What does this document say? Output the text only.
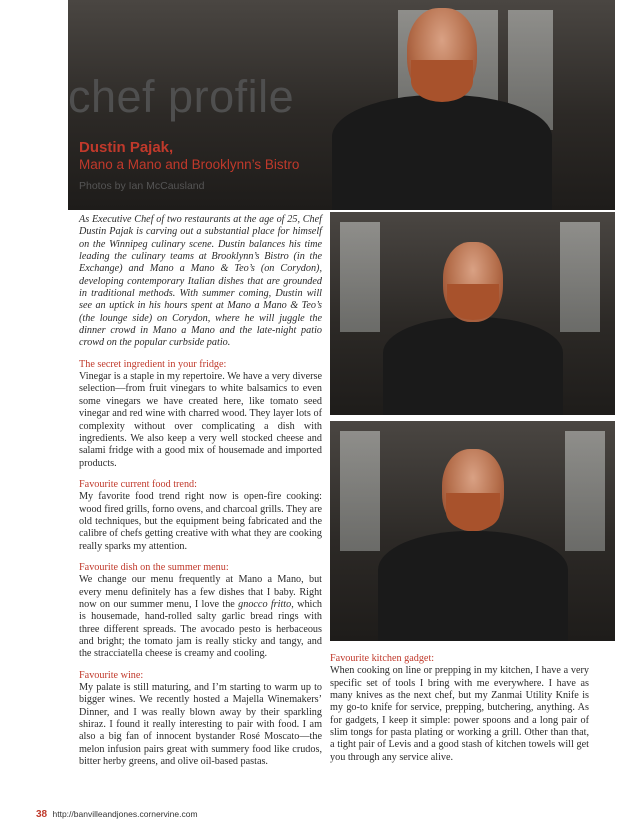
chef profile
Dustin Pajak,
Mano a Mano and Brooklynn’s Bistro
Photos by Ian McCausland

As Executive Chef of two restaurants at the age of 25, Chef Dustin Pajak is carving out a substantial place for himself on the Winnipeg culinary scene. Dustin balances his time leading the culinary teams at Brooklynn’s Bistro (in the Exchange) and Mano a Mano & Teo’s (on Corydon), developing contemporary Italian dishes that are grounded in traditional methods. With summer coming, Dustin will see an uptick in his hours spent at Mano a Mano & Teo’s (the lounge side) on Corydon, where he will juggle the dinner crowd in Mano a Mano and the late-night patio crowd on the popular curbside patio.

The secret ingredient in your fridge:

Vinegar is a staple in my repertoire. We have a very diverse selection—from fruit vinegars to white balsamics to even some vinegars we have created here, like tomato seed vinegar and red wine with charred wood. They layer lots of complexity without over complicating a dish with ingredients. We also keep a very well stocked cheese and salami fridge with a good mix of housemade and imported products.

Favourite current food trend:

My favorite food trend right now is open-fire cooking: wood fired grills, forno ovens, and charcoal grills. They are old techniques, but the equipment being fabricated and the calibre of chefs getting creative with what they are cooking really sparks my attention.

Favourite dish on the summer menu:

We change our menu frequently at Mano a Mano, but every menu definitely has a few dishes that I baby. Right now on our summer menu, I love the gnocco fritto, which is housemade, hand-rolled salty garlic bread rings with three different spreads. The avocado pesto is herbaceous and bright; the tomato jam is really sticky and tangy, and the stracciatella cheese is creamy and cooling.

Favourite wine:

My palate is still maturing, and I’m starting to warm up to bigger wines. We recently hosted a Majella Winemakers’ Dinner, and I was really blown away by their sparkling shiraz. I found it really interesting to pair with food. I am also a big fan of innocent bystander Rosé Moscato—the melon infusion pairs great with summery food like crudos, bitter herby greens, and olive oil-based pastas.

Favourite kitchen gadget:

When cooking on line or prepping in my kitchen, I have a very specific set of tools I bring with me everywhere. I have as many knives as the next chef, but my Zanmai Utility Knife is my go-to knife for service, prepping, butchering, anything. As for gadgets, I keep it simple: power spoons and a long pair of slim tongs for pasta plating or working a grill. Other than that, a tight pair of Levis and a good stash of kitchen towels will get you through any service alive.

38 http://banvilleandjones.cornervine.com
